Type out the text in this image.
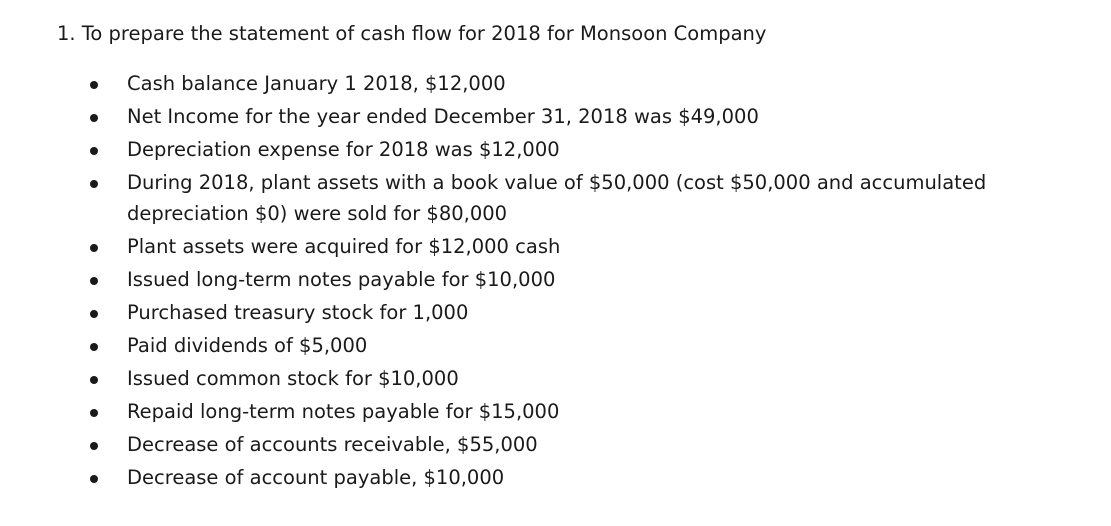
1. To prepare the statement of cash flow for 2018 for Monsoon Company
Cash balance January 1 2018, $12,000
Net Income for the year ended December 31, 2018 was $49,000
Depreciation expense for 2018 was $12,000
During 2018, plant assets with a book value of $50,000 (cost $50,000 and accumulated
depreciation $0) were sold for $80,000
Plant assets were acquired for $12,000 cash
Issued long-term notes payable for $10,000
Purchased treasury stock for 1,000
Paid dividends of $5,000
Issued common stock for $10,000
Repaid long-term notes payable for $15,000
Decrease of accounts receivable, $55,000
Decrease of account payable, $10,000
